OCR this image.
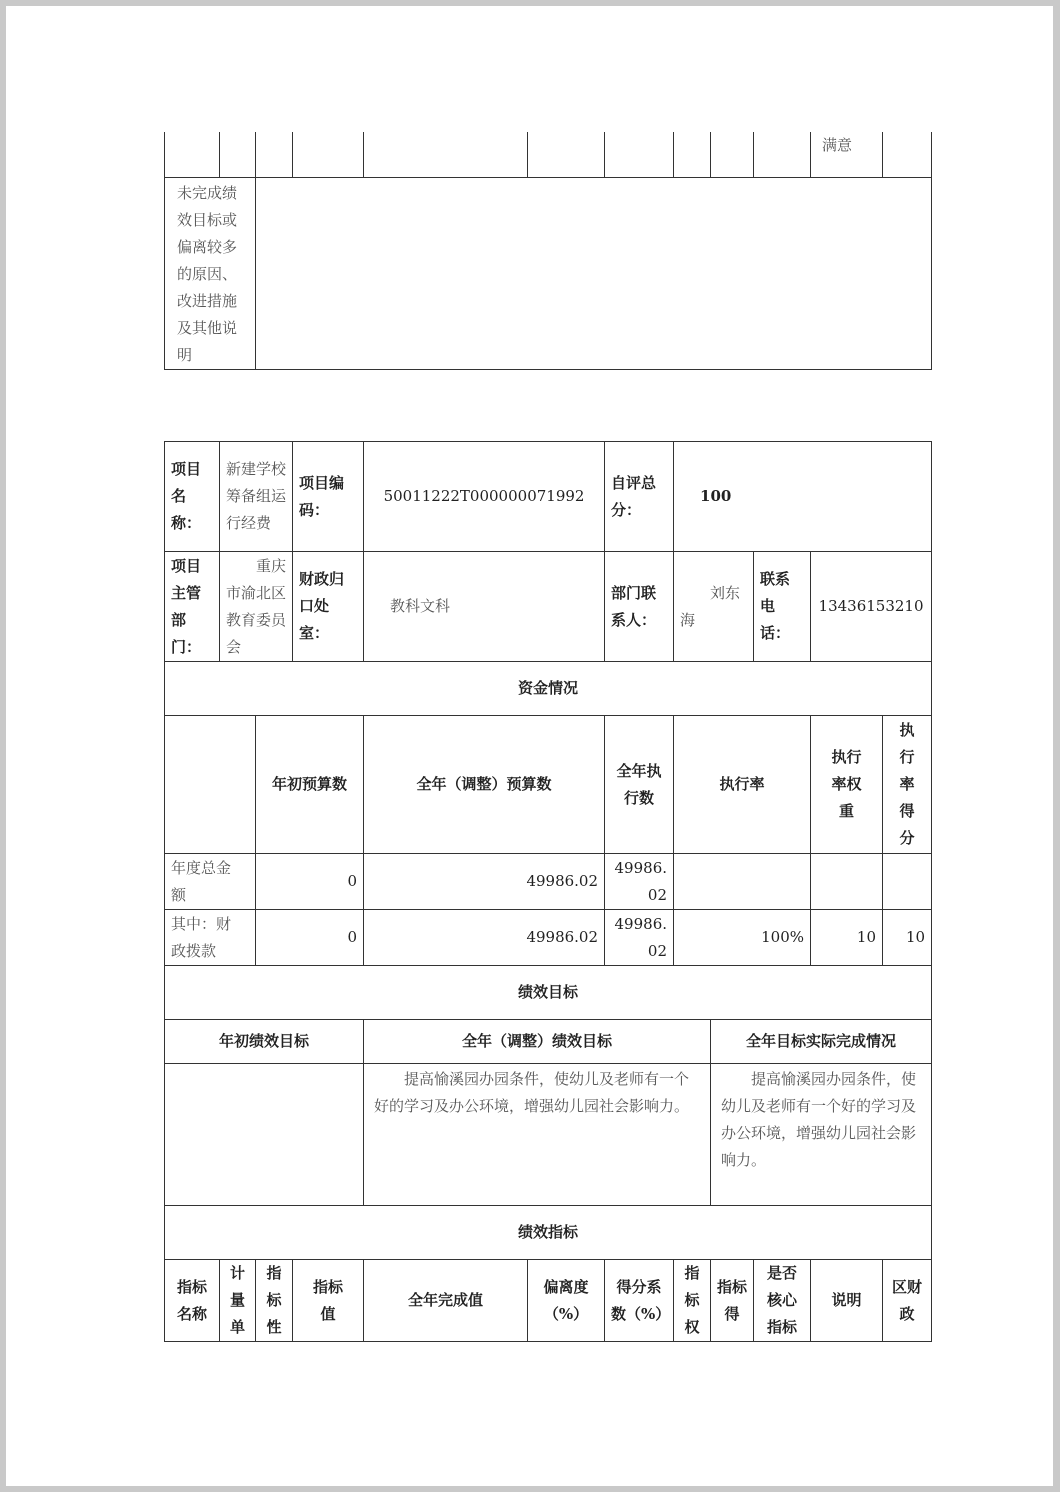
										满意	
未完成绩效目标或偏离较多的原因、改进措施及其他说明											
项目名称：	新建学校筹备组运行经费		项目编码：	50011222T000000071992		自评总分：	100				
项目主管部门：	重庆市渝北区教育委员会		财政归口处室：	教科文科		部门联系人：	刘东海		联系电话：	13436153210	
资金情况											
		年初预算数		全年（调整）预算数		全年执行数	执行率			执行率权重	执行率得分
年度总金额		0		49986.02		49986.02					
其中：财政拨款		0		49986.02		49986.02	100%			10	10
绩效目标											
年初绩效目标				全年（调整）绩效目标				全年目标实际完成情况			
				提高愉溪园办园条件，使幼儿及老师有一个好的学习及办公环境，增强幼儿园社会影响力。				提高愉溪园办园条件，使幼儿及老师有一个好的学习及办公环境，增强幼儿园社会影响力。			
绩效指标											
指标名称	计量单	指标性	指标值	全年完成值	偏离度（%）	得分系数（%）	指标权	指标得	是否核心指标	说明	区财政
